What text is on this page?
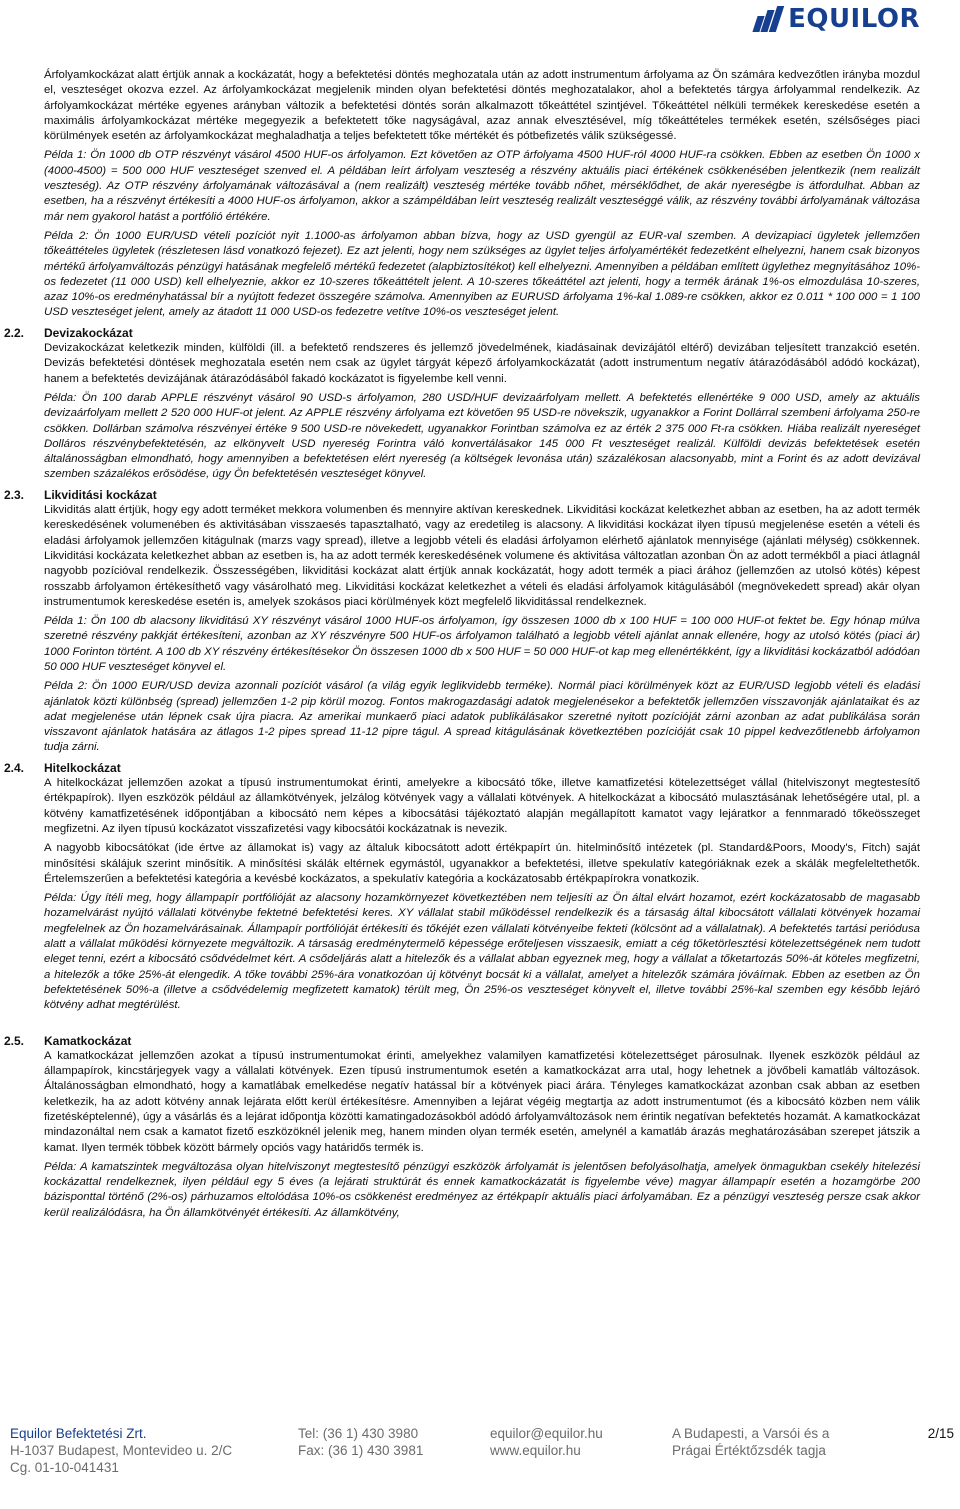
EQUILOR

Árfolyamkockázat alatt értjük annak a kockázatát, hogy a befektetési döntés meghozatala után az adott instrumentum árfolyama az Ön számára kedvezőtlen irányba mozdul el, veszteséget okozva ezzel. Az árfolyamkockázat megjelenik minden olyan befektetési döntés meghozatalakor, ahol a befektetés tárgya árfolyammal rendelkezik. Az árfolyamkockázat mértéke egyenes arányban változik a befektetési döntés során alkalmazott tőkeáttétel szintjével. Tőkeáttétel nélküli termékek kereskedése esetén a maximális árfolyamkockázat mértéke megegyezik a befektetett tőke nagyságával, azaz annak elvesztésével, míg tőkeáttételes termékek esetén, szélsőséges piaci körülmények esetén az árfolyamkockázat meghaladhatja a teljes befektetett tőke mértékét és pótbefizetés válik szükségessé.

Példa 1: Ön 1000 db OTP részvényt vásárol 4500 HUF-os árfolyamon. Ezt követően az OTP árfolyama 4500 HUF-ról 4000 HUF-ra csökken. Ebben az esetben Ön 1000 x (4000-4500) = 500 000 HUF veszteséget szenved el. A példában leírt árfolyam veszteség a részvény aktuális piaci értékének csökkenésében jelentkezik (nem realizált veszteség). Az OTP részvény árfolyamának változásával a (nem realizált) veszteség mértéke tovább nőhet, mérséklődhet, de akár nyereségbe is átfordulhat. Abban az esetben, ha a részvényt értékesíti a 4000 HUF-os árfolyamon, akkor a számpéldában leírt veszteség realizált veszteséggé válik, az részvény további árfolyamának változása már nem gyakorol hatást a portfólió értékére.

Példa 2: Ön 1000 EUR/USD vételi pozíciót nyit 1.1000-as árfolyamon abban bízva, hogy az USD gyengül az EUR-val szemben. A devizapiaci ügyletek jellemzően tőkeáttételes ügyletek (részletesen lásd vonatkozó fejezet). Ez azt jelenti, hogy nem szükséges az ügylet teljes árfolyamértékét fedezetként elhelyezni, hanem csak bizonyos mértékű árfolyamváltozás pénzügyi hatásának megfelelő mértékű fedezetet (alapbiztosítékot) kell elhelyezni. Amennyiben a példában említett ügylethez megnyitásához 10%-os fedezetet (11 000 USD) kell elhelyeznie, akkor ez 10-szeres tőkeáttételt jelent. A 10-szeres tőkeáttétel azt jelenti, hogy a termék árának 1%-os elmozdulása 10-szeres, azaz 10%-os eredményhatással bír a nyújtott fedezet összegére számolva. Amennyiben az EURUSD árfolyama 1%-kal 1.089-re csökken, akkor ez 0.011 * 100 000 = 1 100 USD veszteséget jelent, amely az átadott 11 000 USD-os fedezetre vetítve 10%-os veszteséget jelent.

2.2.	Devizakockázat

Devizakockázat keletkezik minden, külföldi (ill. a befektető rendszeres és jellemző jövedelmének, kiadásainak devizájától eltérő) devizában teljesített tranzakció esetén. Devizás befektetési döntések meghozatala esetén nem csak az ügylet tárgyát képező árfolyamkockázatát (adott instrumentum negatív átárazódásából adódó kockázat), hanem a befektetés devizájának átárazódásából fakadó kockázatot is figyelembe kell venni.

Példa: Ön 100 darab APPLE részvényt vásárol 90 USD-s árfolyamon, 280 USD/HUF devizaárfolyam mellett. A befektetés ellenértéke 9 000 USD, amely az aktuális devizaárfolyam mellett 2 520 000 HUF-ot jelent. Az APPLE részvény árfolyama ezt követően 95 USD-re növekszik, ugyanakkor a Forint Dollárral szembeni árfolyama 250-re csökken. Dollárban számolva részvényei értéke 9 500 USD-re növekedett, ugyanakkor Forintban számolva ez az érték 2 375 000 Ft-ra csökken. Hiába realizált nyereséget Dolláros részvénybefektetésén, az elkönyvelt USD nyereség Forintra váló konvertálásakor 145 000 Ft veszteséget realizál. Külföldi devizás befektetések esetén általánosságban elmondható, hogy amennyiben a befektetésen elért nyereség (a költségek levonása után) százalékosan alacsonyabb, mint a Forint és az adott devizával szemben százalékos erősödése, úgy Ön befektetésén veszteséget könyvel.

2.3.	Likviditási kockázat

Likviditás alatt értjük, hogy egy adott terméket mekkora volumenben és mennyire aktívan kereskednek. Likviditási kockázat keletkezhet abban az esetben, ha az adott termék kereskedésének volumenében és aktivitásában visszaesés tapasztalható, vagy az eredetileg is alacsony. A likviditási kockázat ilyen típusú megjelenése esetén a vételi és eladási árfolyamok jellemzően kitágulnak (marzs vagy spread), illetve a legjobb vételi és eladási árfolyamon elérhető ajánlatok mennyisége (ajánlati mélység) csökkennek. Likviditási kockázata keletkezhet abban az esetben is, ha az adott termék kereskedésének volumene és aktivitása változatlan azonban Ön az adott termékből a piaci átlagnál nagyobb pozícióval rendelkezik. Összességében, likviditási kockázat alatt értjük annak kockázatát, hogy adott termék a piaci árához (jellemzően az utolsó kötés) képest rosszabb árfolyamon értékesíthető vagy vásárolható meg. Likviditási kockázat keletkezhet a vételi és eladási árfolyamok kitágulásából (megnövekedett spread) akár olyan instrumentumok kereskedése esetén is, amelyek szokásos piaci körülmények közt megfelelő likviditással rendelkeznek.

Példa 1: Ön 100 db alacsony likviditású XY részvényt vásárol 1000 HUF-os árfolyamon, így összesen 1000 db x 100 HUF = 100 000 HUF-ot fektet be. Egy hónap múlva szeretné részvény pakkját értékesíteni, azonban az XY részvényre 500 HUF-os árfolyamon található a legjobb vételi ajánlat annak ellenére, hogy az utolsó kötés (piaci ár) 1000 Forinton történt. A 100 db XY részvény értékesítésekor Ön összesen 1000 db x 500 HUF = 50 000 HUF-ot kap meg ellenértékként, így a likviditási kockázatból adódóan 50 000 HUF veszteséget könyvel el.

Példa 2: Ön 1000 EUR/USD deviza azonnali pozíciót vásárol (a világ egyik leglikvidebb terméke). Normál piaci körülmények közt az EUR/USD legjobb vételi és eladási ajánlatok közti különbség (spread) jellemzően 1-2 pip körül mozog. Fontos makrogazdasági adatok megjelenésekor a befektetők jellemzően visszavonják ajánlataikat és az adat megjelenése után lépnek csak újra piacra. Az amerikai munkaerő piaci adatok publikálásakor szeretné nyitott pozícióját zárni azonban az adat publikálása során visszavont ajánlatok hatására az átlagos 1-2 pipes spread 11-12 pipre tágul. A spread kitágulásának következtében pozícióját csak 10 pippel kedvezőtlenebb árfolyamon tudja zárni.

2.4.	Hitelkockázat

A hitelkockázat jellemzően azokat a típusú instrumentumokat érinti, amelyekre a kibocsátó tőke, illetve kamatfizetési kötelezettséget vállal (hitelviszonyt megtestesítő értékpapírok). Ilyen eszközök például az államkötvények, jelzálog kötvények vagy a vállalati kötvények. A hitelkockázat a kibocsátó mulasztásának lehetőségére utal, pl. a kötvény kamatfizetésének időpontjában a kibocsátó nem képes a kibocsátási tájékoztató alapján megállapított kamatot vagy lejáratkor a fennmaradó tőkeösszeget megfizetni. Az ilyen típusú kockázatot visszafizetési vagy kibocsátói kockázatnak is nevezik.

A nagyobb kibocsátókat (ide értve az államokat is) vagy az általuk kibocsátott adott értékpapírt ún. hitelminősítő intézetek (pl. Standard&Poors, Moody's, Fitch) saját minősítési skálájuk szerint minősítik. A minősítési skálák eltérnek egymástól, ugyanakkor a befektetési, illetve spekulatív kategóriáknak ezek a skálák megfeleltethetők. Értelemszerűen a befektetési kategória a kevésbé kockázatos, a spekulatív kategória a kockázatosabb értékpapírokra vonatkozik.

Példa: Úgy ítéli meg, hogy állampapír portfólióját az alacsony hozamkörnyezet következtében nem teljesíti az Ön által elvárt hozamot, ezért kockázatosabb de magasabb hozamelvárást nyújtó vállalati kötvénybe fektetné befektetési keres. XY vállalat stabil működéssel rendelkezik és a társaság által kibocsátott vállalati kötvények hozamai megfelelnek az Ön hozamelvárásainak. Állampapír portfólióját értékesíti és tőkéjét ezen vállalati kötvényeibe fekteti (kölcsönt ad a vállalatnak). A befektetés tartási periódusa alatt a vállalat működési környezete megváltozik. A társaság eredménytermelő képessége erőteljesen visszaesik, emiatt a cég tőketörlesztési kötelezettségének nem tudott eleget tenni, ezért a kibocsátó csődvédelmet kért. A csődeljárás alatt a hitelezők és a vállalat abban egyeznek meg, hogy a vállalat a tőketartozás 50%-át köteles megfizetni, a hitelezők a tőke 25%-át elengedik. A tőke további 25%-ára vonatkozóan új kötvényt bocsát ki a vállalat, amelyet a hitelezők számára jóváírnak. Ebben az esetben az Ön befektetésének 50%-a (illetve a csődvédelemig megfizetett kamatok) térült meg, Ön 25%-os veszteséget könyvelt el, illetve további 25%-kal szemben egy később lejáró kötvény adhat megtérülést.

2.5.	Kamatkockázat

A kamatkockázat jellemzően azokat a típusú instrumentumokat érinti, amelyekhez valamilyen kamatfizetési kötelezettséget párosulnak. Ilyenek eszközök például az állampapírok, kincstárjegyek vagy a vállalati kötvények. Ezen típusú instrumentumok esetén a kamatkockázat arra utal, hogy lehetnek a jövőbeli kamatláb változások. Általánosságban elmondható, hogy a kamatlábak emelkedése negatív hatással bír a kötvények piaci árára. Tényleges kamatkockázat azonban csak abban az esetben keletkezik, ha az adott kötvény annak lejárata előtt kerül értékesítésre. Amennyiben a lejárat végéig megtartja az adott instrumentumot (és a kibocsátó közben nem válik fizetésképtelenné), úgy a vásárlás és a lejárat időpontja közötti kamatingadozásokból adódó árfolyamváltozások nem érintik negatívan befektetés hozamát. A kamatkockázat mindazonáltal nem csak a kamatot fizető eszközöknél jelenik meg, hanem minden olyan termék esetén, amelynél a kamatláb árazás meghatározásában szerepet játszik a kamat. Ilyen termék többek között bármely opciós vagy határidős termék is.

Példa: A kamatszintek megváltozása olyan hitelviszonyt megtestesítő pénzügyi eszközök árfolyamát is jelentősen befolyásolhatja, amelyek önmagukban csekély hitelezési kockázattal rendelkeznek, ilyen például egy 5 éves (a lejárati struktúrát és ennek kamatkockázatát is figyelembe véve) magyar állampapír esetén a hozamgörbe 200 bázisponttal történő (2%-os) párhuzamos eltolódása 10%-os csökkenést eredményez az értékpapír aktuális piaci árfolyamában. Ez a pénzügyi veszteség persze csak akkor kerül realizálódásra, ha Ön államkötvényét értékesíti. Az államkötvény,

Equilor Befektetési Zrt.
H-1037 Budapest, Montevideo u. 2/C
Cg. 01-10-041431
Tel: (36 1) 430 3980
Fax: (36 1) 430 3981
equilor@equilor.hu
www.equilor.hu
A Budapesti, a Varsói és a
Prágai Értéktőzsdék tagja
2/15
